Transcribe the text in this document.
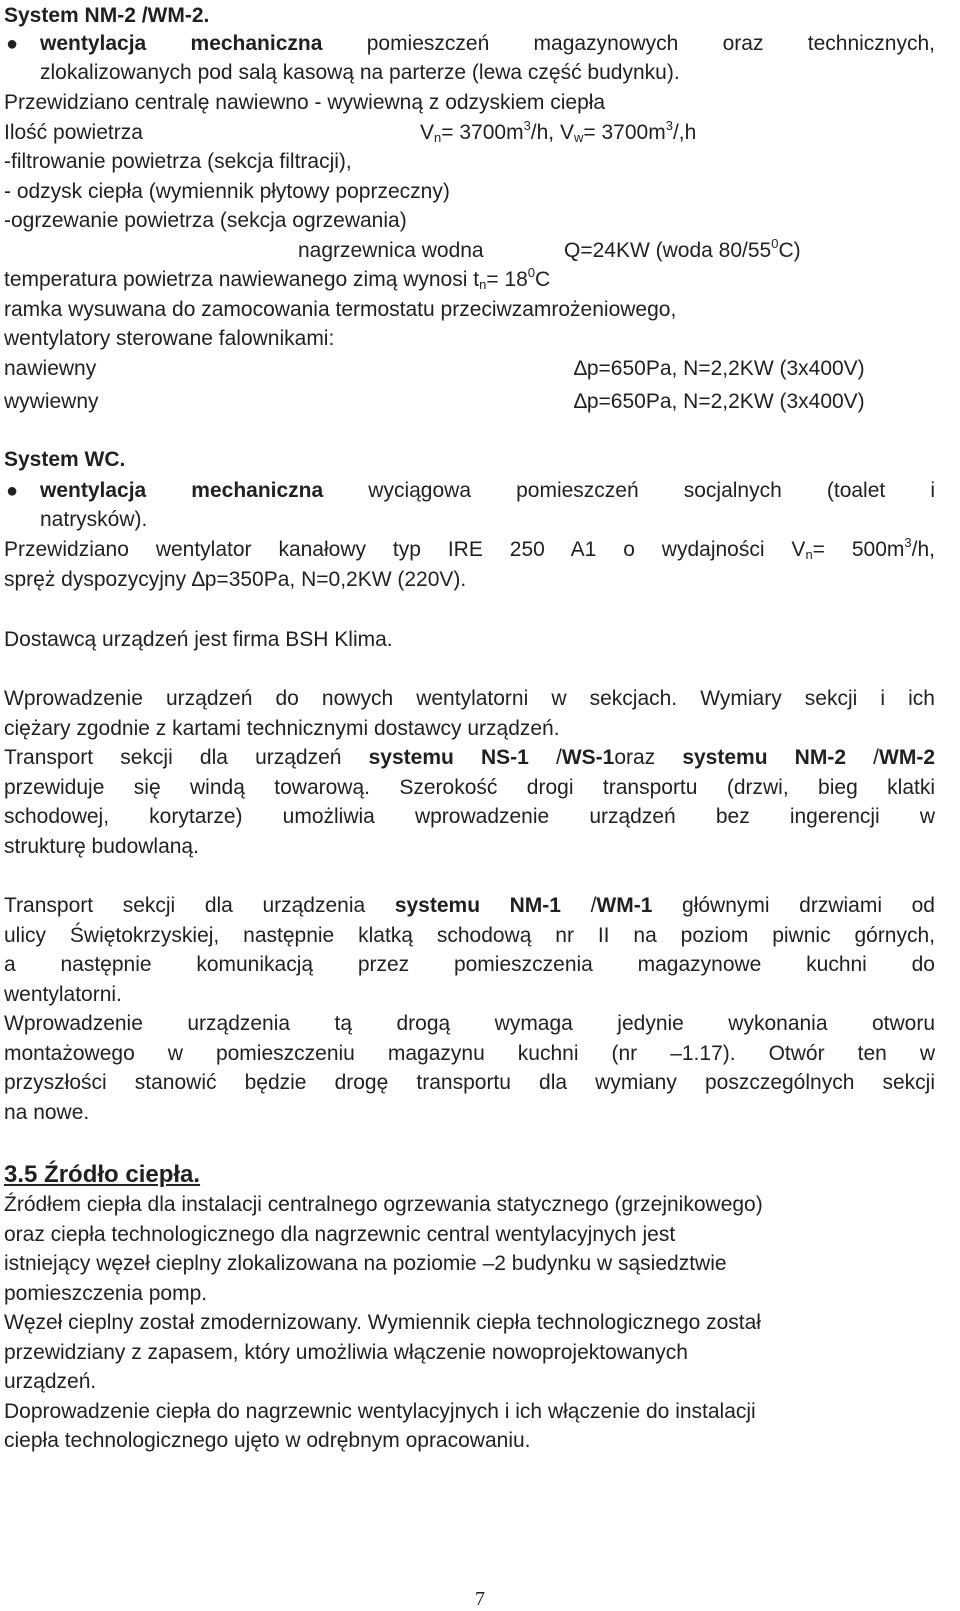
System NM-2 /WM-2.
● wentylacja mechaniczna pomieszczeń magazynowych oraz technicznych,
zlokalizowanych pod salą kasową na parterze (lewa część budynku).
Przewidziano centralę nawiewno - wywiewną z odzyskiem ciepła
Ilość powietrza	$V_n= 3700m^3/h$, $V_w= 3700m^3/,h$
-filtrowanie powietrza (sekcja filtracji),
- odzysk ciepła (wymiennik płytowy poprzeczny)
-ogrzewanie powietrza (sekcja ogrzewania)
nagrzewnica wodna	Q=24KW (woda $80/55^0C$)

temperatura powietrza nawiewanego zimą wynosi $t_n= 18^0C$
ramka wysuwana do zamocowania termostatu przeciwzamrożeniowego,
wentylatory sterowane falownikami:
nawiewny	∆p=650Pa, N=2,2KW (3x400V)
wywiewny	∆p=650Pa, N=2,2KW (3x400V)
System WC.
● wentylacja mechaniczna wyciągowa pomieszczeń socjalnych (toalet i
natrysków).
Przewidziano wentylator kanałowy typ IRE 250 A1 o wydajności $V_n= 500m^3/h$,
spręż dyspozycyjny ∆p=350Pa, N=0,2KW (220V).
Dostawcą urządzeń jest firma BSH Klima.
Wprowadzenie urządzeń do nowych wentylatorni w sekcjach. Wymiary sekcji i ich
ciężary zgodnie z kartami technicznymi dostawcy urządzeń.
Transport sekcji dla urządzeń systemu NS-1 /WS-1oraz systemu NM-2 /WM-2
przewiduje się windą towarową. Szerokość drogi transportu (drzwi, bieg klatki
schodowej, korytarze) umożliwia wprowadzenie urządzeń bez ingerencji w
strukturę budowlaną.
Transport sekcji dla urządzenia systemu NM-1 /WM-1 głównymi drzwiami od
ulicy Świętokrzyskiej, następnie klatką schodową nr II na poziom piwnic górnych,
a następnie komunikacją przez pomieszczenia magazynowe kuchni do
wentylatorni.
Wprowadzenie urządzenia tą drogą wymaga jedynie wykonania otworu
montażowego w pomieszczeniu magazynu kuchni (nr –1.17). Otwór ten w
przyszłości stanowić będzie drogę transportu dla wymiany poszczególnych sekcji
na nowe.
3.5 Źródło ciepła.
Źródłem ciepła dla instalacji centralnego ogrzewania statycznego (grzejnikowego)
oraz ciepła technologicznego dla nagrzewnic central wentylacyjnych jest
istniejący węzeł cieplny zlokalizowana na poziomie –2 budynku w sąsiedztwie
pomieszczenia pomp.
Węzeł cieplny został zmodernizowany. Wymiennik ciepła technologicznego został
przewidziany z zapasem, który umożliwia włączenie nowoprojektowanych
urządzeń.
Doprowadzenie ciepła do nagrzewnic wentylacyjnych i ich włączenie do instalacji
ciepła technologicznego ujęto w odrębnym opracowaniu.
7
